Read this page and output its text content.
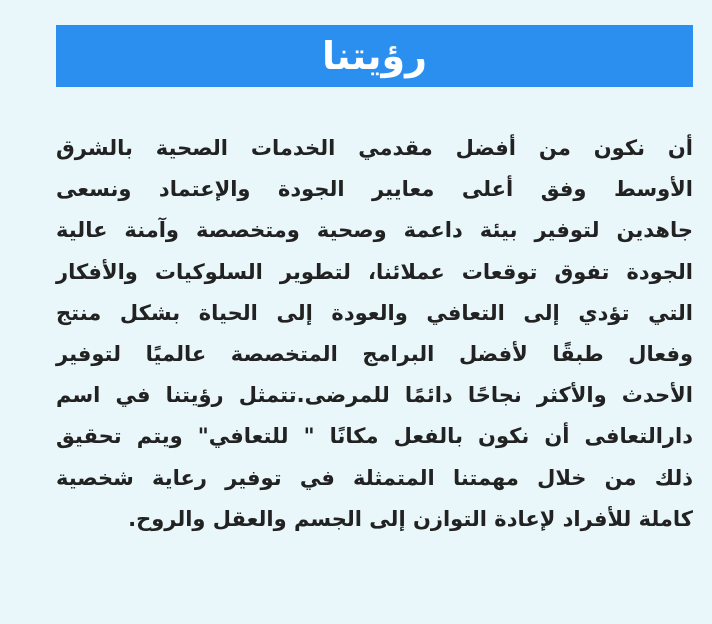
رؤيتنا
أن نكون من أفضل مقدمي الخدمات الصحية بالشرق
الأوسط وفق أعلى معايير الجودة والإعتماد ونسعى
جاهدين لتوفير بيئة داعمة وصحية ومتخصصة وآمنة عالية
الجودة تفوق توقعات عملائنا، لتطوير السلوكيات والأفكار
التي تؤدي إلى التعافي والعودة إلى الحياة بشكل منتج
وفعال طبقًا لأفضل البرامج المتخصصة عالميًا لتوفير
الأحدث والأكثر نجاحًا دائمًا للمرضى.تتمثل رؤيتنا في اسم
دارالتعافى أن نكون بالفعل مكانًا " للتعافي" ويتم تحقيق
ذلك من خلال مهمتنا المتمثلة في توفير رعاية شخصية
كاملة للأفراد لإعادة التوازن إلى الجسم والعقل والروح.
